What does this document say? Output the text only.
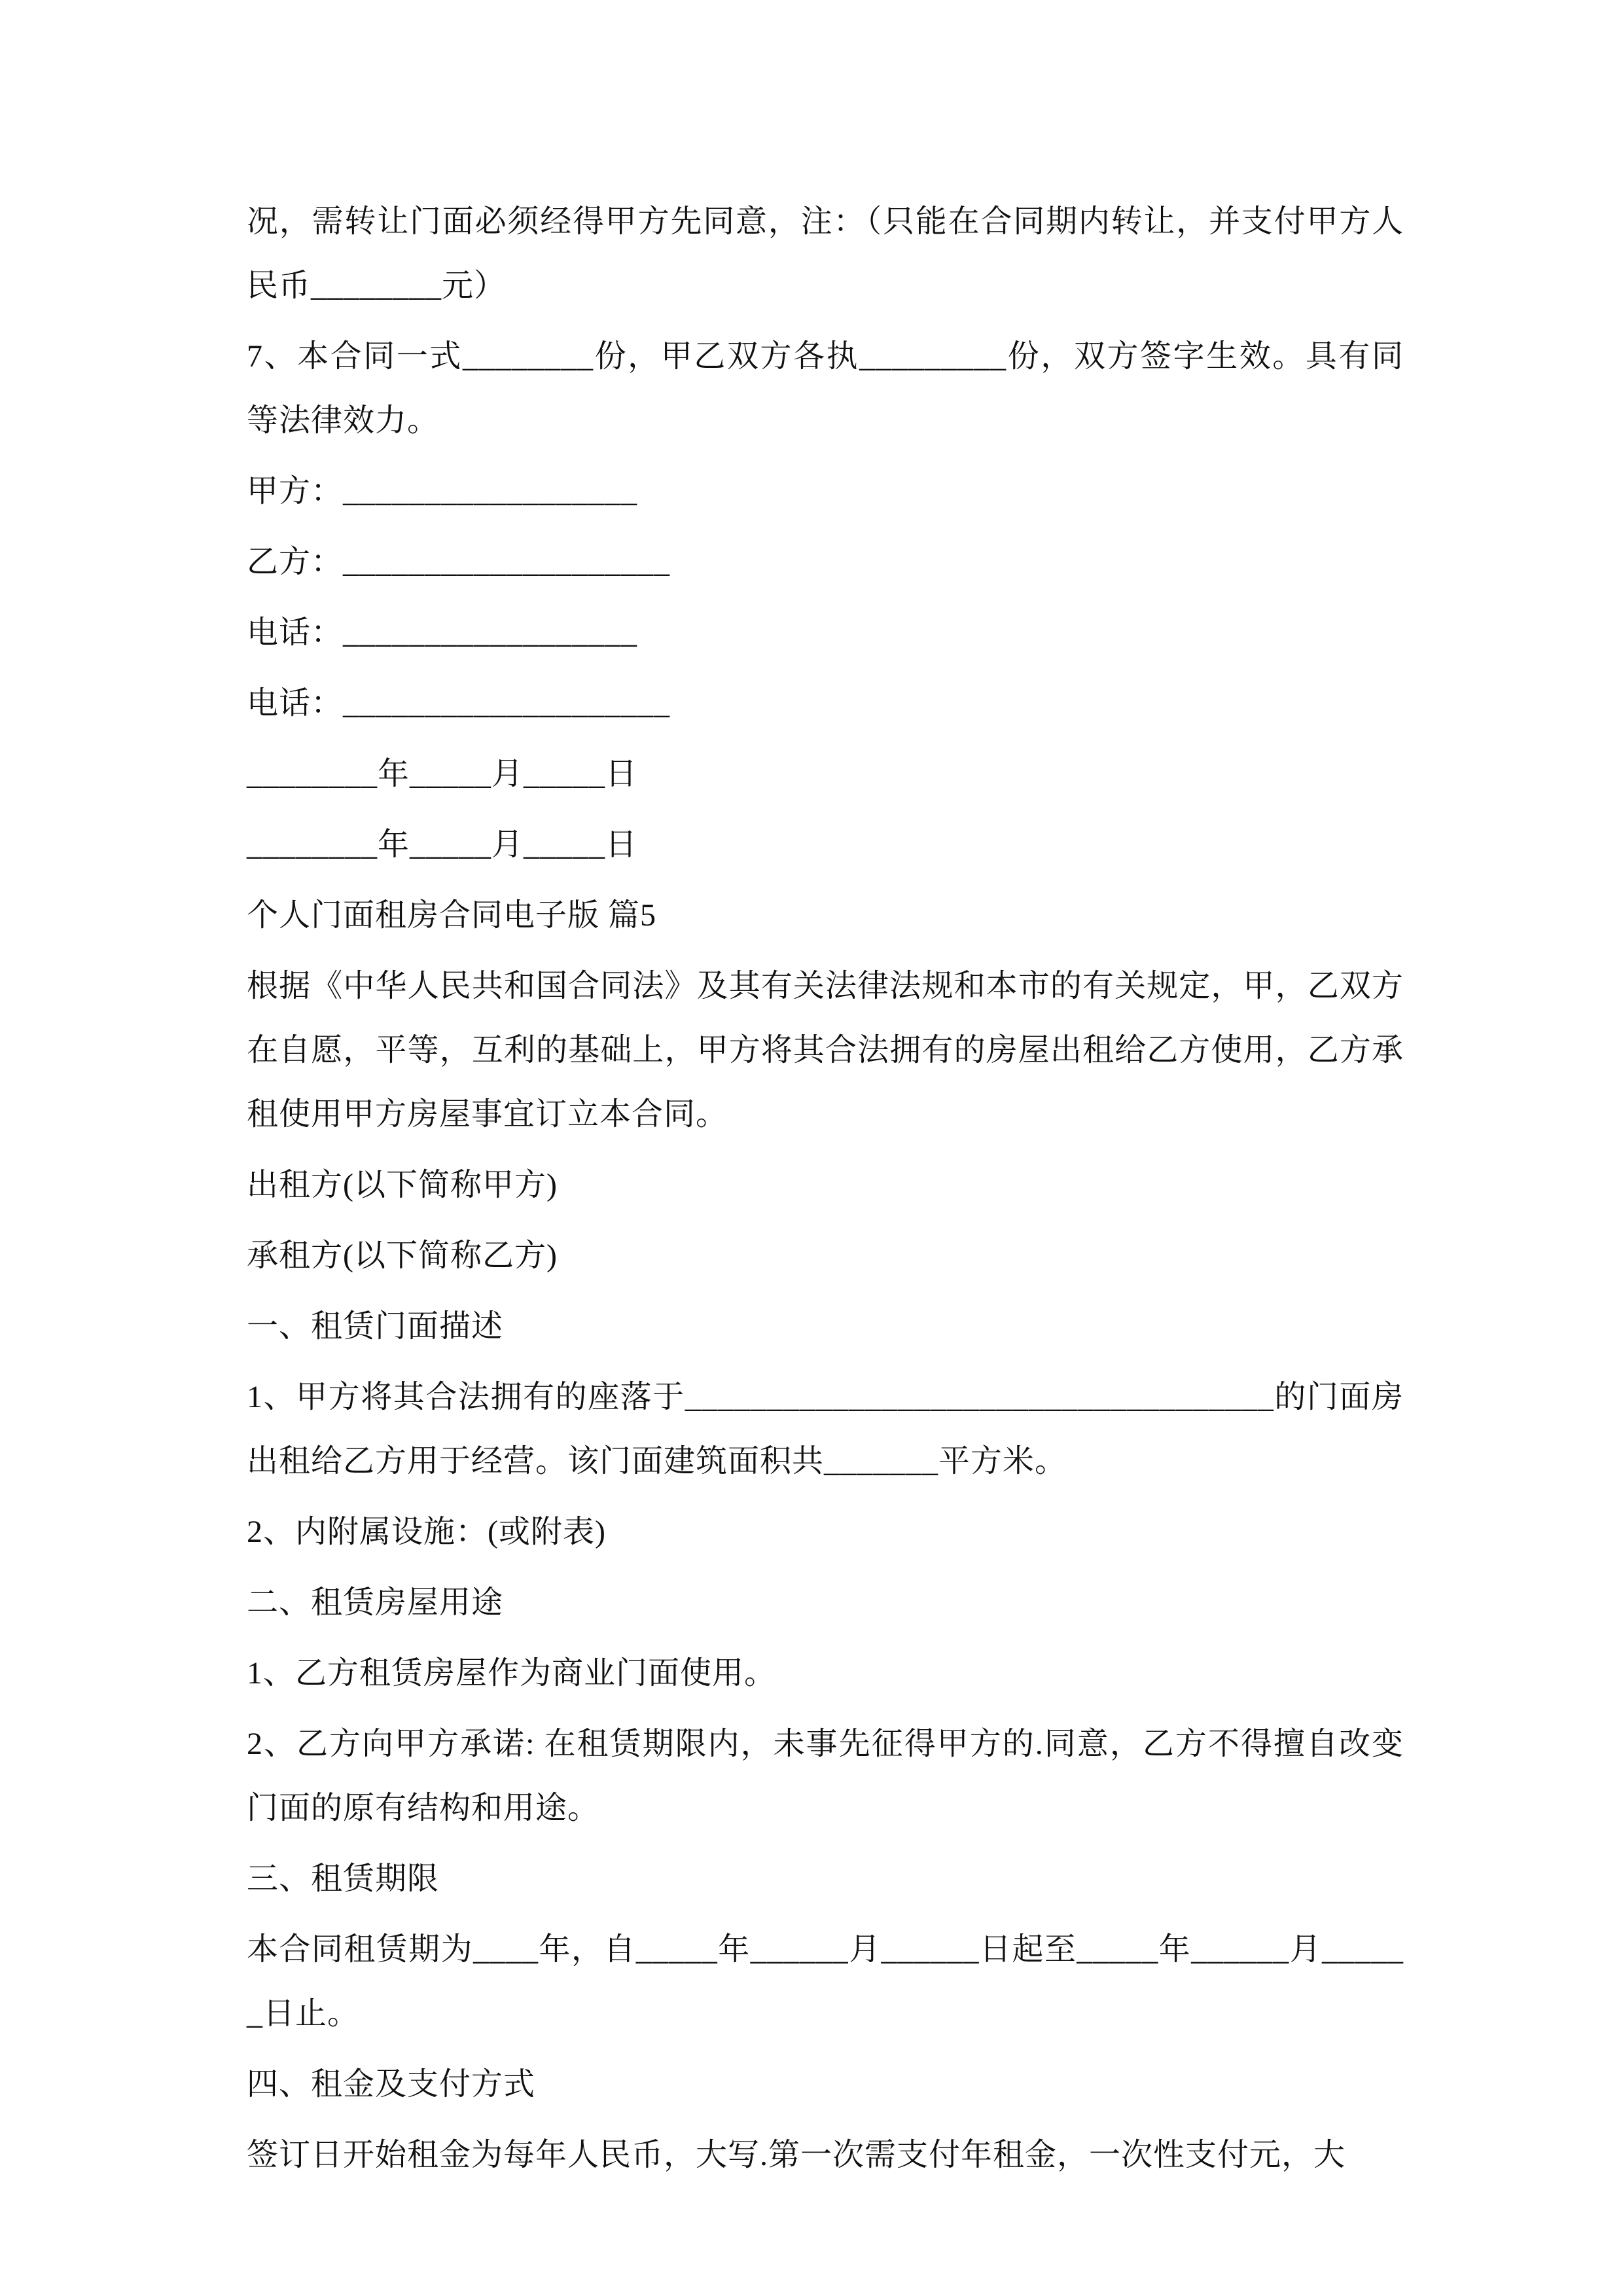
况，需转让门面必须经得甲方先同意，注：（只能在合同期内转让，并支付甲方人民币________元）

7、本合同一式________份，甲乙双方各执_________份，双方签字生效。具有同等法律效力。

甲方：__________________

乙方：____________________

电话：__________________

电话：____________________

________年_____月_____日

________年_____月_____日

个人门面租房合同电子版 篇5

根据《中华人民共和国合同法》及其有关法律法规和本市的有关规定，甲，乙双方在自愿，平等，互利的基础上，甲方将其合法拥有的房屋出租给乙方使用，乙方承租使用甲方房屋事宜订立本合同。

出租方(以下简称甲方)

承租方(以下简称乙方)

一、租赁门面描述

1、甲方将其合法拥有的座落于____________________________________的门面房出租给乙方用于经营。该门面建筑面积共_______平方米。

2、内附属设施：(或附表)

二、租赁房屋用途

1、乙方租赁房屋作为商业门面使用。

2、乙方向甲方承诺: 在租赁期限内，未事先征得甲方的.同意，乙方不得擅自改变门面的原有结构和用途。

三、租赁期限

本合同租赁期为____年，自_____年______月______日起至_____年______月______日止。

四、租金及支付方式

签订日开始租金为每年人民币，大写.第一次需支付年租金，一次性支付元，大
